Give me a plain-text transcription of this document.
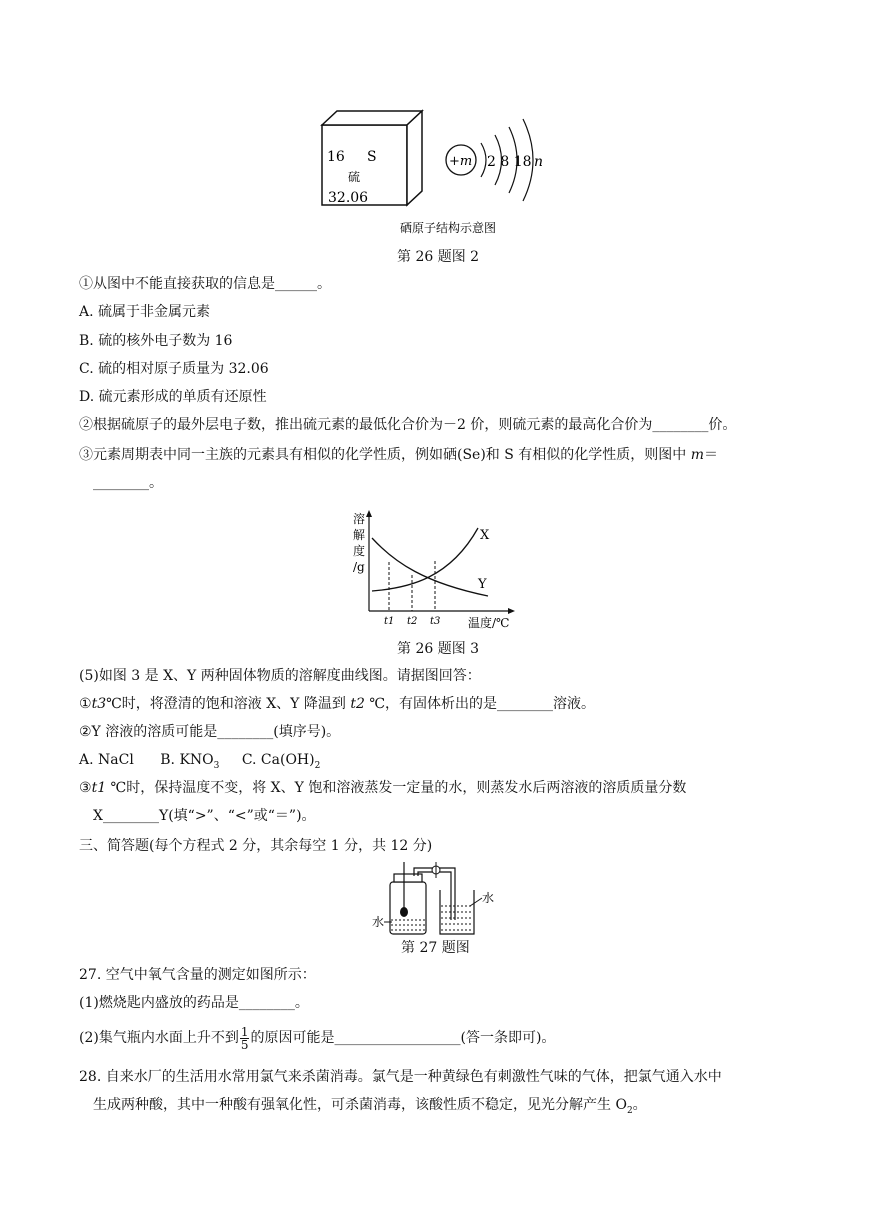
16 S
硫
32.06
+m 2 8 18 n
硒原子结构示意图
第 26 题图 2
①从图中不能直接获取的信息是______。
A. 硫属于非金属元素
B. 硫的核外电子数为 16
C. 硫的相对原子质量为 32.06
D. 硫元素形成的单质有还原性
②根据硫原子的最外层电子数，推出硫元素的最低化合价为－2 价，则硫元素的最高化合价为________价。
③元素周期表中同一主族的元素具有相似的化学性质，例如硒(Se)和 S 有相似的化学性质，则图中 m＝
________。
溶
解
度
/g
X
Y
t1 t2 t3 温度/℃
第 26 题图 3
(5)如图 3 是 X、Y 两种固体物质的溶解度曲线图。请据图回答：
①t3℃时，将澄清的饱和溶液 X、Y 降温到 t2 ℃，有固体析出的是________溶液。
②Y 溶液的溶质可能是________(填序号)。
A. NaCl B. $KNO_3$ C. $Ca(OH)_2$
③t1 ℃时，保持温度不变，将 X、Y 饱和溶液蒸发一定量的水，则蒸发水后两溶液的溶质质量分数
X________Y(填“>”、“<”或“＝”)。
三、简答题(每个方程式 2 分，其余每空 1 分，共 12 分)
水
水
第 27 题图
27. 空气中氧气含量的测定如图所示：
(1)燃烧匙内盛放的药品是________。
(2)集气瓶内水面上升不到 $\frac{1}{5}$ 的原因可能是__________________(答一条即可)。
28. 自来水厂的生活用水常用氯气来杀菌消毒。氯气是一种黄绿色有刺激性气味的气体，把氯气通入水中
生成两种酸，其中一种酸有强氧化性，可杀菌消毒，该酸性质不稳定，见光分解产生 $O_2$。
